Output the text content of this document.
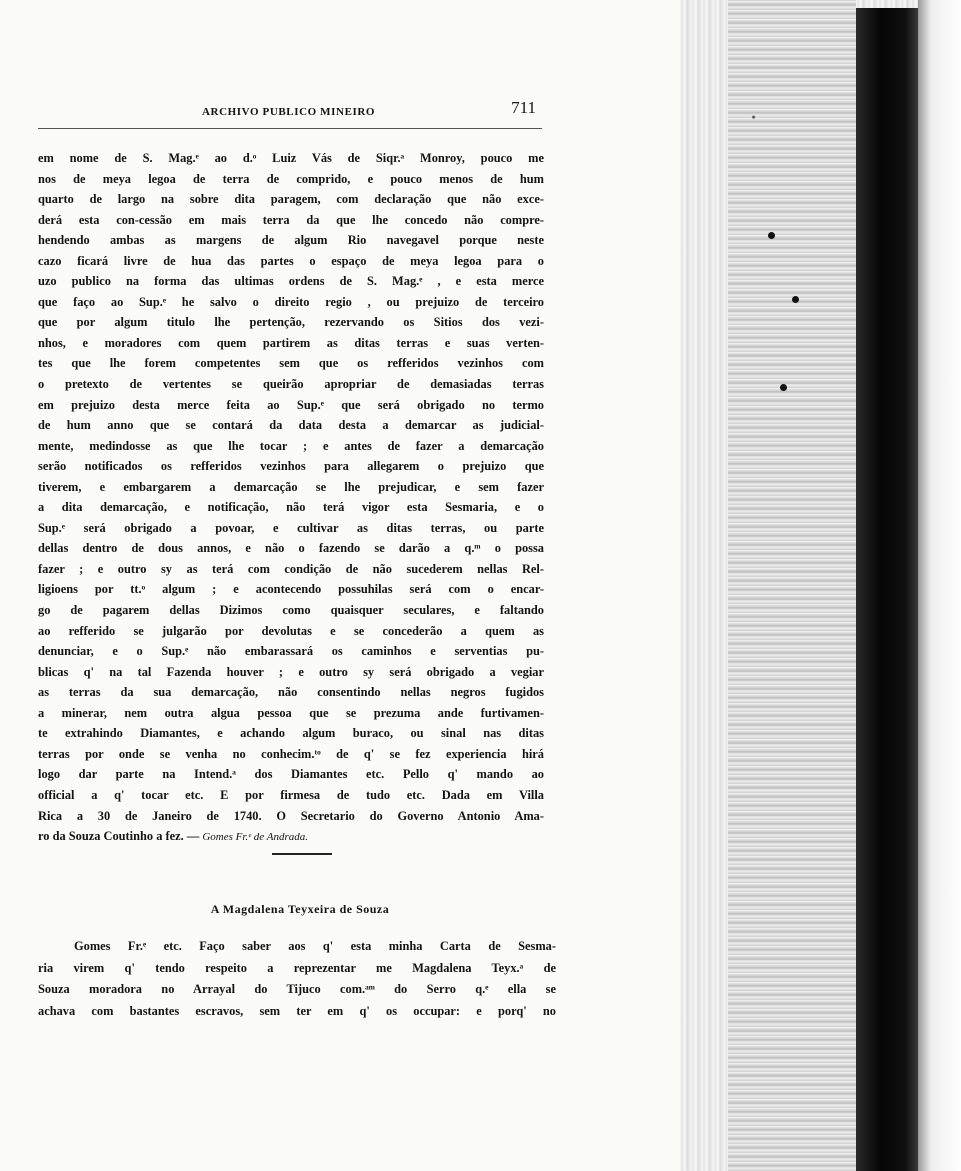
ARCHIVO PUBLICO MINEIRO	711
em nome de S. Mag.ᵉ ao d.ᵒ Luiz Vás de Siqr.ᵃ Monroy, pouco me
nos de meya legoa de terra de comprido, e pouco menos de hum
quarto de largo na sobre dita paragem, com declaração que não exce-
derá esta con-cessão em mais terra da que lhe concedo não compre-
hendendo ambas as margens de algum Rio navegavel porque neste
cazo ficará livre de hua das partes o espaço de meya legoa para o
uzo publico na forma das ultimas ordens de S. Mag.ᵉ , e esta merce
que faço ao Sup.ᵉ he salvo o direito regio , ou prejuizo de terceiro
que por algum titulo lhe pertenção, rezervando os Sitios dos vezi-
nhos, e moradores com quem partirem as ditas terras e suas verten-
tes que lhe forem competentes sem que os refferidos vezinhos com
o pretexto de vertentes se queirão apropriar de demasiadas terras
em prejuizo desta merce feita ao Sup.ᵉ que será obrigado no termo
de hum anno que se contará da data desta a demarcar as judicial-
mente, medindosse as que lhe tocar ; e antes de fazer a demarcação
serão notificados os refferidos vezinhos para allegarem o prejuizo que
tiverem, e embargarem a demarcação se lhe prejudicar, e sem fazer
a dita demarcação, e notificação, não terá vigor esta Sesmaria, e o
Sup.ᵉ será obrigado a povoar, e cultivar as ditas terras, ou parte
dellas dentro de dous annos, e não o fazendo se darão a q.ᵐ o possa
fazer ; e outro sy as terá com condição de não sucederem nellas Rel-
ligioens por tt.ᵒ algum ; e acontecendo possuhilas será com o encar-
go de pagarem dellas Dizimos como quaisquer seculares, e faltando
ao refferido se julgarão por devolutas e se concederão a quem as
denunciar, e o Sup.ᵉ não embarassará os caminhos e serventias pu-
blicas q' na tal Fazenda houver ; e outro sy será obrigado a vegiar
as terras da sua demarcação, não consentindo nellas negros fugidos
a minerar, nem outra algua pessoa que se prezuma ande furtivamen-
te extrahindo Diamantes, e achando algum buraco, ou sinal nas ditas
terras por onde se venha no conhecim.ᵗᵒ de q' se fez experiencia hirá
logo dar parte na Intend.ᵃ dos Diamantes etc. Pello q' mando ao
official a q' tocar etc. E por firmesa de tudo etc. Dada em Villa
Rica a 30 de Janeiro de 1740. O Secretario do Governo Antonio Ama-
ro da Souza Coutinho a fez. — Gomes Fr.ᵉ de Andrada.
A Magdalena Teyxeira de Souza
Gomes Fr.ᵉ etc. Faço saber aos q' esta minha Carta de Sesma-
ria virem q' tendo respeito a reprezentar me Magdalena Teyx.ᵃ de
Souza moradora no Arrayal do Tijuco com.ᵃᵐ do Serro q.ᵉ ella se
achava com bastantes escravos, sem ter em q' os occupar: e porq' no
